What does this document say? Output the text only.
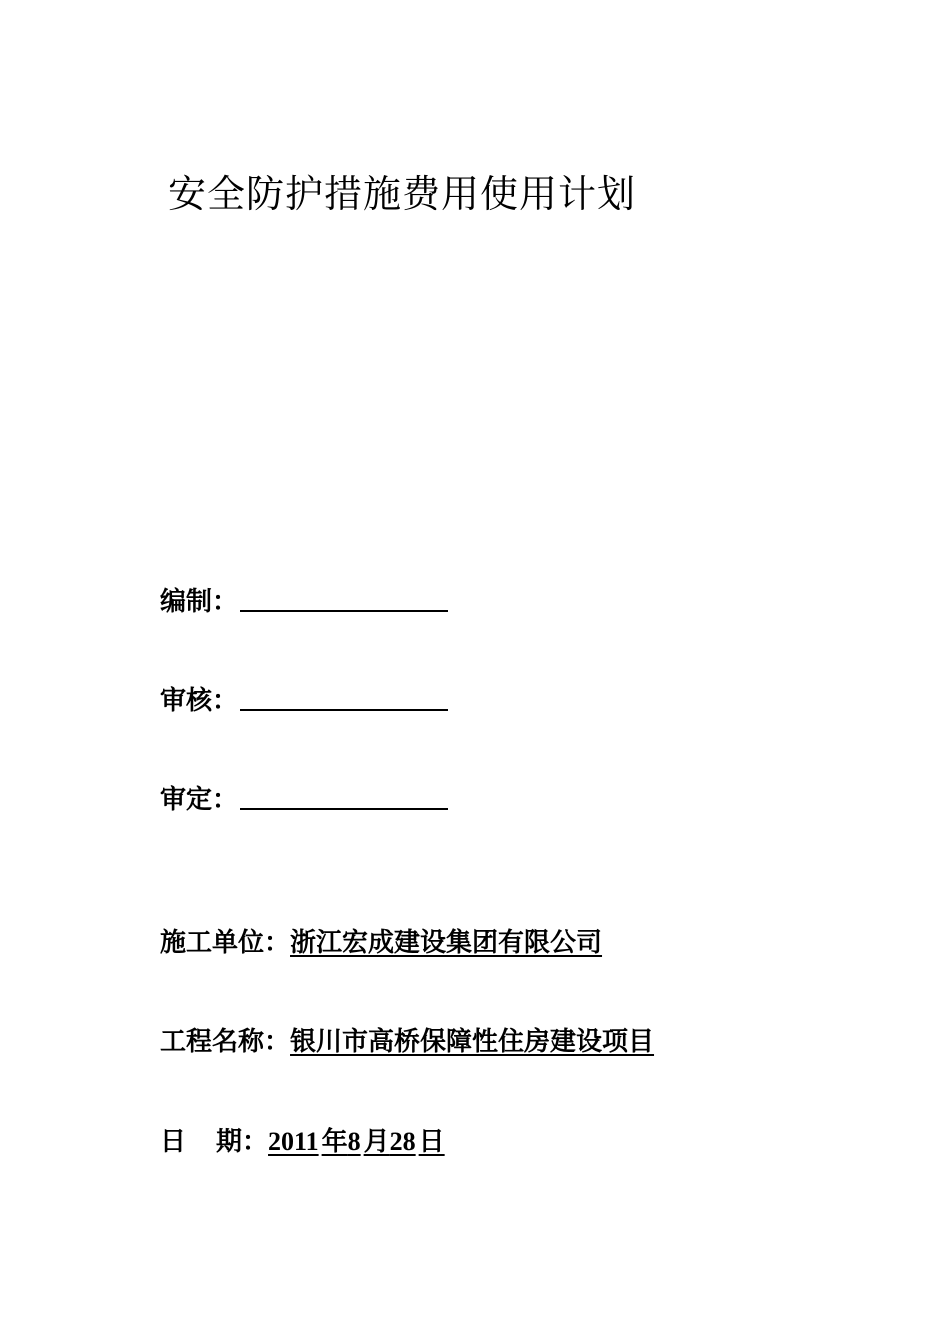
安全防护措施费用使用计划
编制：
审核：
审定：
施工单位：浙江宏成建设集团有限公司
工程名称：银川市高桥保障性住房建设项目
日 期：2011 年8 月28 日
